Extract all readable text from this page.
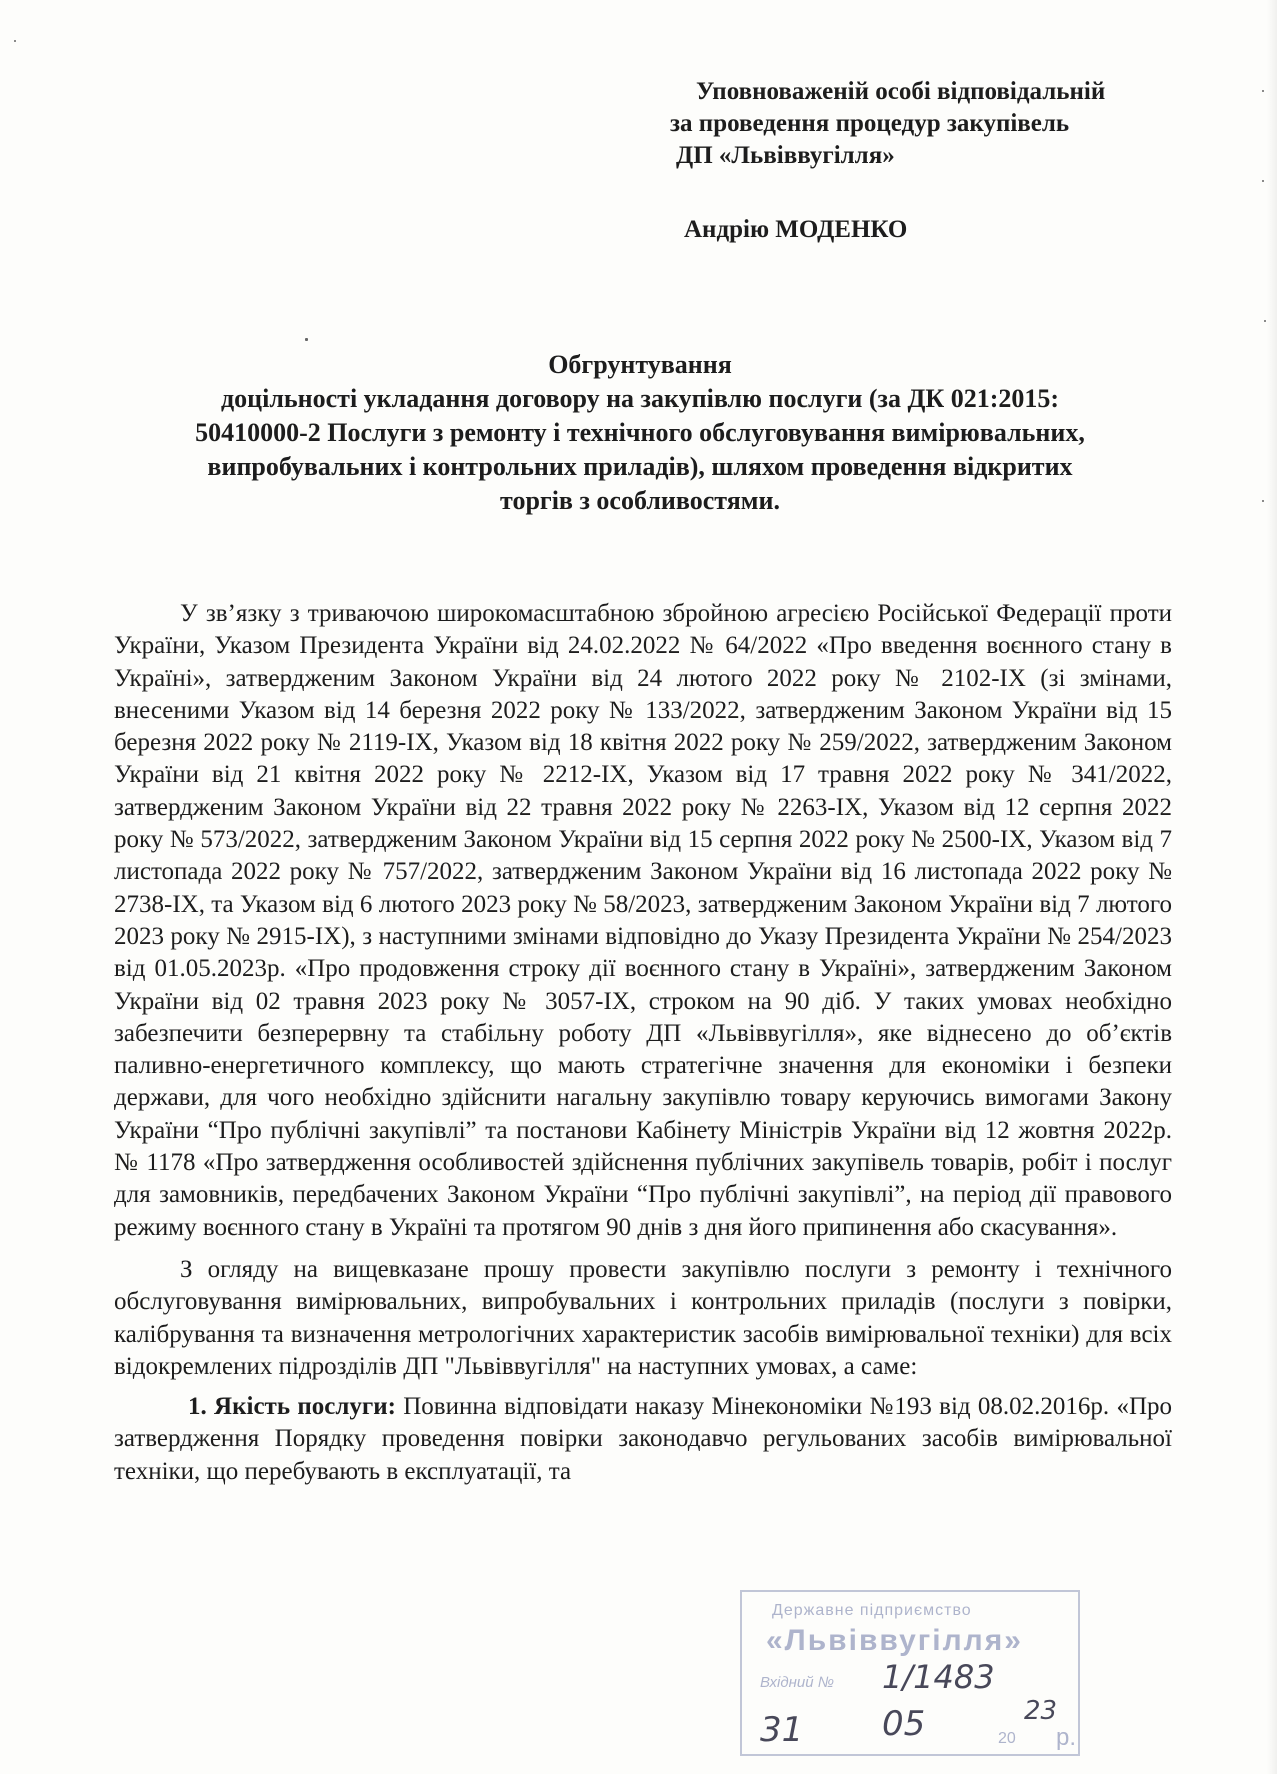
Уповноваженій особі відповідальній
за проведення процедур закупівель
ДП «Львіввугілля»
Андрію МОДЕНКО
Обгрунтування
доцільності укладання договору на закупівлю послуги (за ДК 021:2015:
50410000-2 Послуги з ремонту і технічного обслуговування вимірювальних,
випробувальних і контрольних приладів), шляхом проведення відкритих
торгів з особливостями.

У зв’язку з триваючою широкомасштабною збройною агресією Російської Федерації проти України, Указом Президента України від 24.02.2022 № 64/2022 «Про введення воєнного стану в Україні», затвердженим Законом України від 24 лютого 2022 року № 2102-IX (зі змінами, внесеними Указом від 14 березня 2022 року № 133/2022, затвердженим Законом України від 15 березня 2022 року № 2119-IX, Указом від 18 квітня 2022 року № 259/2022, затвердженим Законом України від 21 квітня 2022 року № 2212-IX, Указом від 17 травня 2022 року № 341/2022, затвердженим Законом України від 22 травня 2022 року № 2263-IX, Указом від 12 серпня 2022 року № 573/2022, затвердженим Законом України від 15 серпня 2022 року № 2500-IX, Указом від 7 листопада 2022 року № 757/2022, затвердженим Законом України від 16 листопада 2022 року № 2738-IX, та Указом від 6 лютого 2023 року № 58/2023, затвердженим Законом України від 7 лютого 2023 року № 2915-IX), з наступними змінами відповідно до Указу Президента України № 254/2023 від 01.05.2023р. «Про продовження строку дії воєнного стану в Україні», затвердженим Законом України від 02 травня 2023 року № 3057-IX, строком на 90 діб. У таких умовах необхідно забезпечити безперервну та стабільну роботу ДП «Львіввугілля», яке віднесено до об’єктів паливно-енергетичного комплексу, що мають стратегічне значення для економіки і безпеки держави, для чого необхідно здійснити нагальну закупівлю товару керуючись вимогами Закону України “Про публічні закупівлі” та постанови Кабінету Міністрів України від 12 жовтня 2022р. № 1178 «Про затвердження особливостей здійснення публічних закупівель товарів, робіт і послуг для замовників, передбачених Законом України “Про публічні закупівлі”, на період дії правового режиму воєнного стану в Україні та протягом 90 днів з дня його припинення або скасування».

З огляду на вищевказане прошу провести закупівлю послуги з ремонту і технічного обслуговування вимірювальних, випробувальних і контрольних приладів (послуги з повірки, калібрування та визначення метрологічних характеристик засобів вимірювальної техніки) для всіх відокремлених підрозділів ДП "Львіввугілля" на наступних умовах, а саме:

1. Якість послуги: Повинна відповідати наказу Мінекономіки №193 від 08.02.2016р. «Про затвердження Порядку проведення повірки законодавчо регульованих засобів вимірювальної техніки, що перебувають в експлуатації, та

Державне підприємство
«Львіввугілля»
Вхідний № 1/1483
31 05	23
20 р.
